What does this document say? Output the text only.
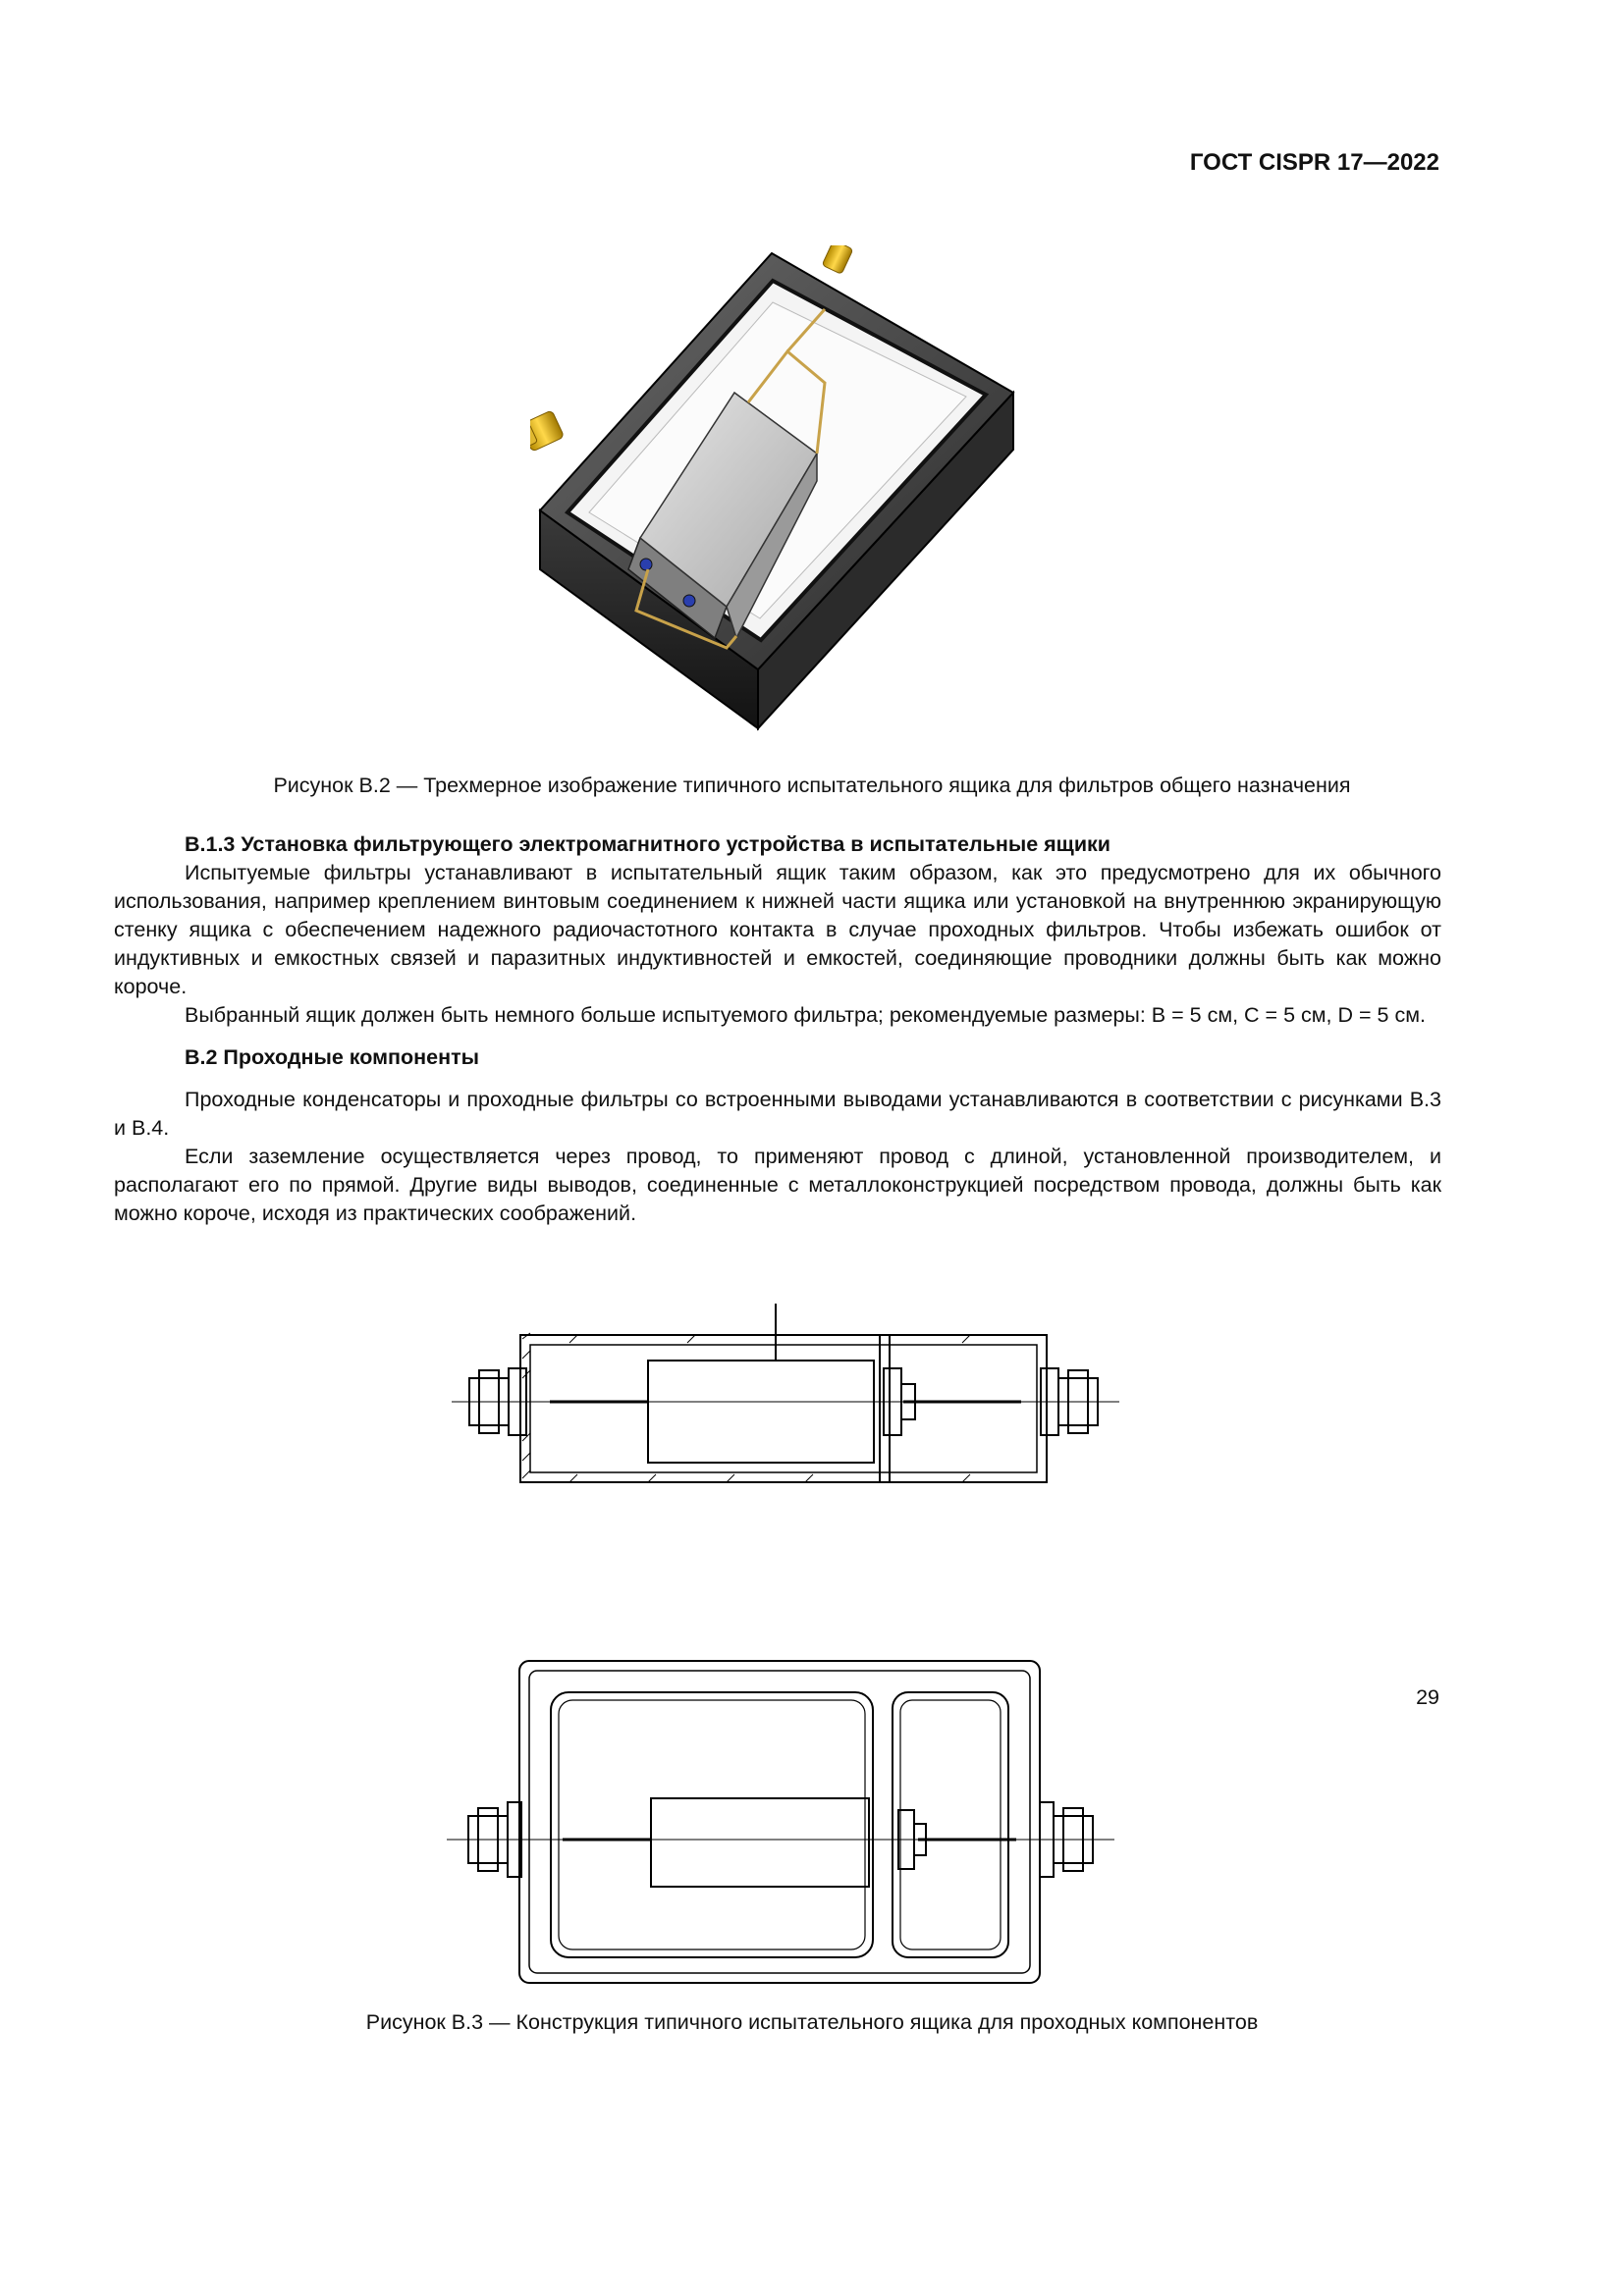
ГОСТ CISPR 17—2022
Рисунок B.2 — Трехмерное изображение типичного испытательного ящика для фильтров общего назначения
B.1.3 Установка фильтрующего электромагнитного устройства в испытательные ящики

Испытуемые фильтры устанавливают в испытательный ящик таким образом, как это предусмотрено для их обычного использования, например креплением винтовым соединением к нижней части ящика или установкой на внутреннюю экранирующую стенку ящика с обеспечением надежного радиочастотного контакта в случае проходных фильтров. Чтобы избежать ошибок от индуктивных и емкостных связей и паразитных индуктивностей и емкостей, соединяющие проводники должны быть как можно короче.

Выбранный ящик должен быть немного больше испытуемого фильтра; рекомендуемые размеры: B = 5 см, C = 5 см, D = 5 см.

B.2 Проходные компоненты

Проходные конденсаторы и проходные фильтры со встроенными выводами устанавливаются в соответствии с рисунками B.3 и B.4.

Если заземление осуществляется через провод, то применяют провод с длиной, установленной производителем, и располагают его по прямой. Другие виды выводов, соединенные с металлоконструкцией посредством провода, должны быть как можно короче, исходя из практических соображений.

Рисунок B.3 — Конструкция типичного испытательного ящика для проходных компонентов
29
